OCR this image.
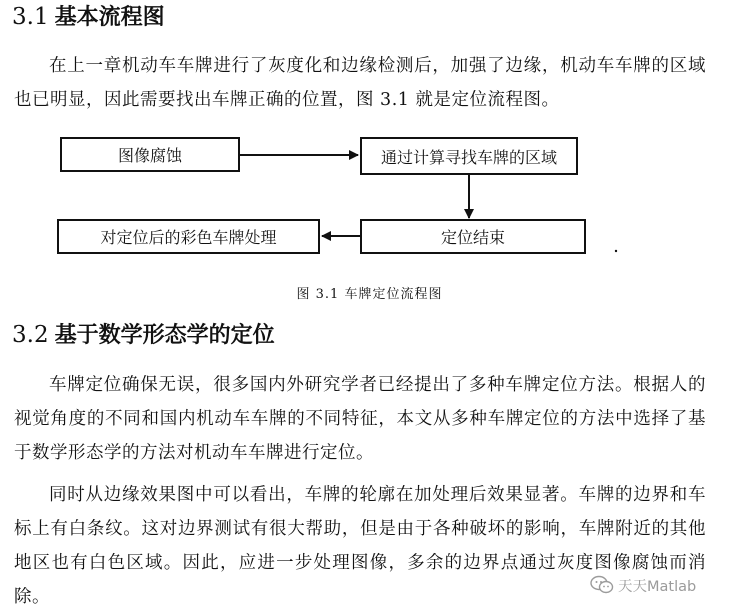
3.1 基本流程图

在上一章机动车车牌进行了灰度化和边缘检测后，加强了边缘，机动车车牌的区域也已明显，因此需要找出车牌正确的位置，图 3.1 就是定位流程图。

图像腐蚀	通过计算寻找车牌的区域
定位结束
对定位后的彩色车牌处理
图 3.1 车牌定位流程图
3.2 基于数学形态学的定位

车牌定位确保无误，很多国内外研究学者已经提出了多种车牌定位方法。根据人的视觉角度的不同和国内机动车车牌的不同特征，本文从多种车牌定位的方法中选择了基于数学形态学的方法对机动车车牌进行定位。

同时从边缘效果图中可以看出，车牌的轮廓在加处理后效果显著。车牌的边界和车标上有白条纹。这对边界测试有很大帮助，但是由于各种破坏的影响，车牌附近的其他地区也有白色区域。因此，应进一步处理图像，多余的边界点通过灰度图像腐蚀而消除。

天天Matlab
